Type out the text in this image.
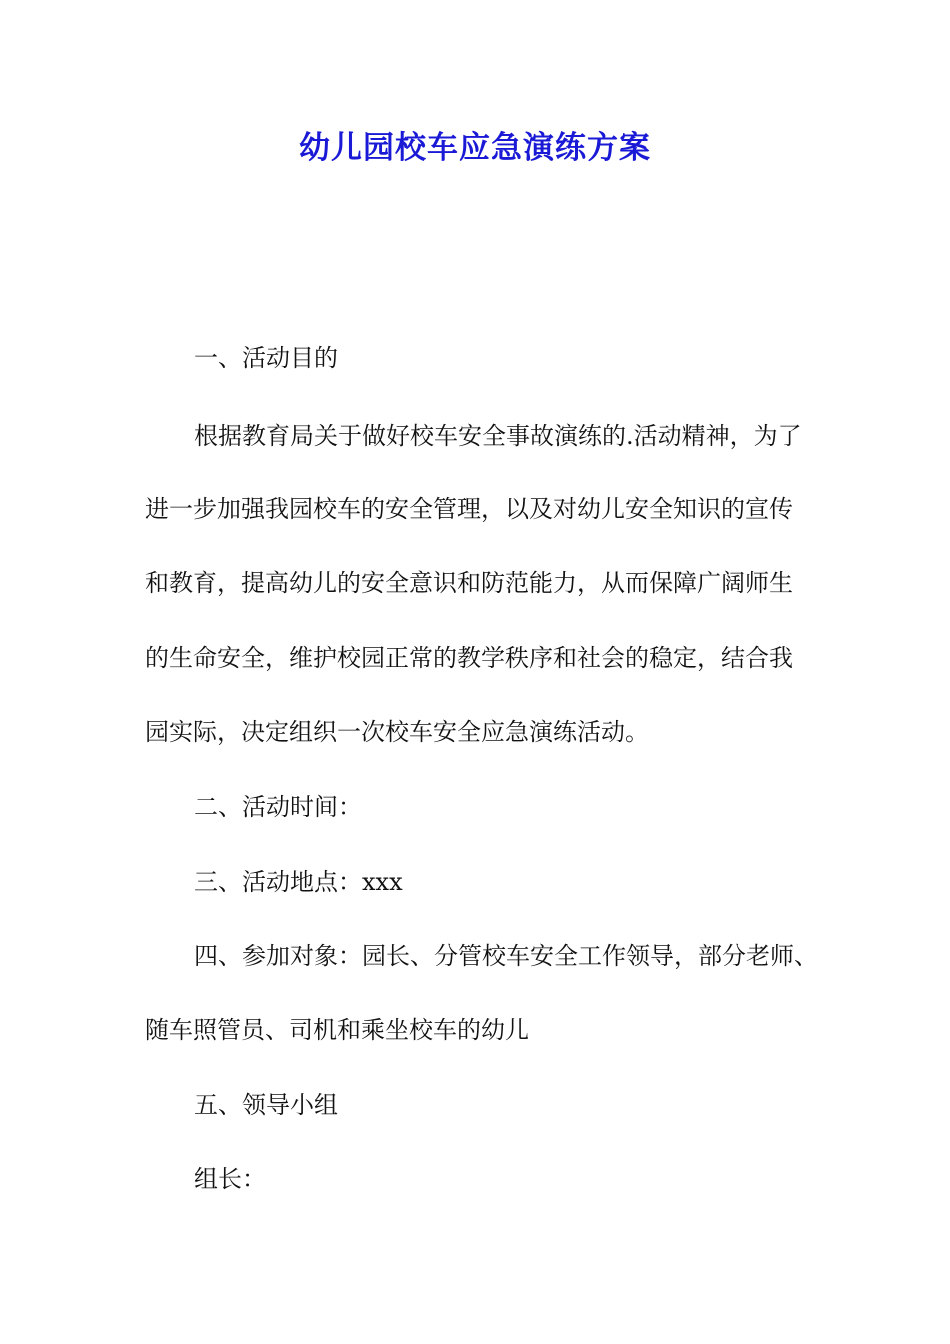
幼儿园校车应急演练方案
一、活动目的
根据教育局关于做好校车安全事故演练的.活动精神，为了
进一步加强我园校车的安全管理，以及对幼儿安全知识的宣传
和教育，提高幼儿的安全意识和防范能力，从而保障广阔师生
的生命安全，维护校园正常的教学秩序和社会的稳定，结合我
园实际，决定组织一次校车安全应急演练活动。
二、活动时间：
三、活动地点：xxx
四、参加对象：园长、分管校车安全工作领导，部分老师、
随车照管员、司机和乘坐校车的幼儿
五、领导小组
组长：
